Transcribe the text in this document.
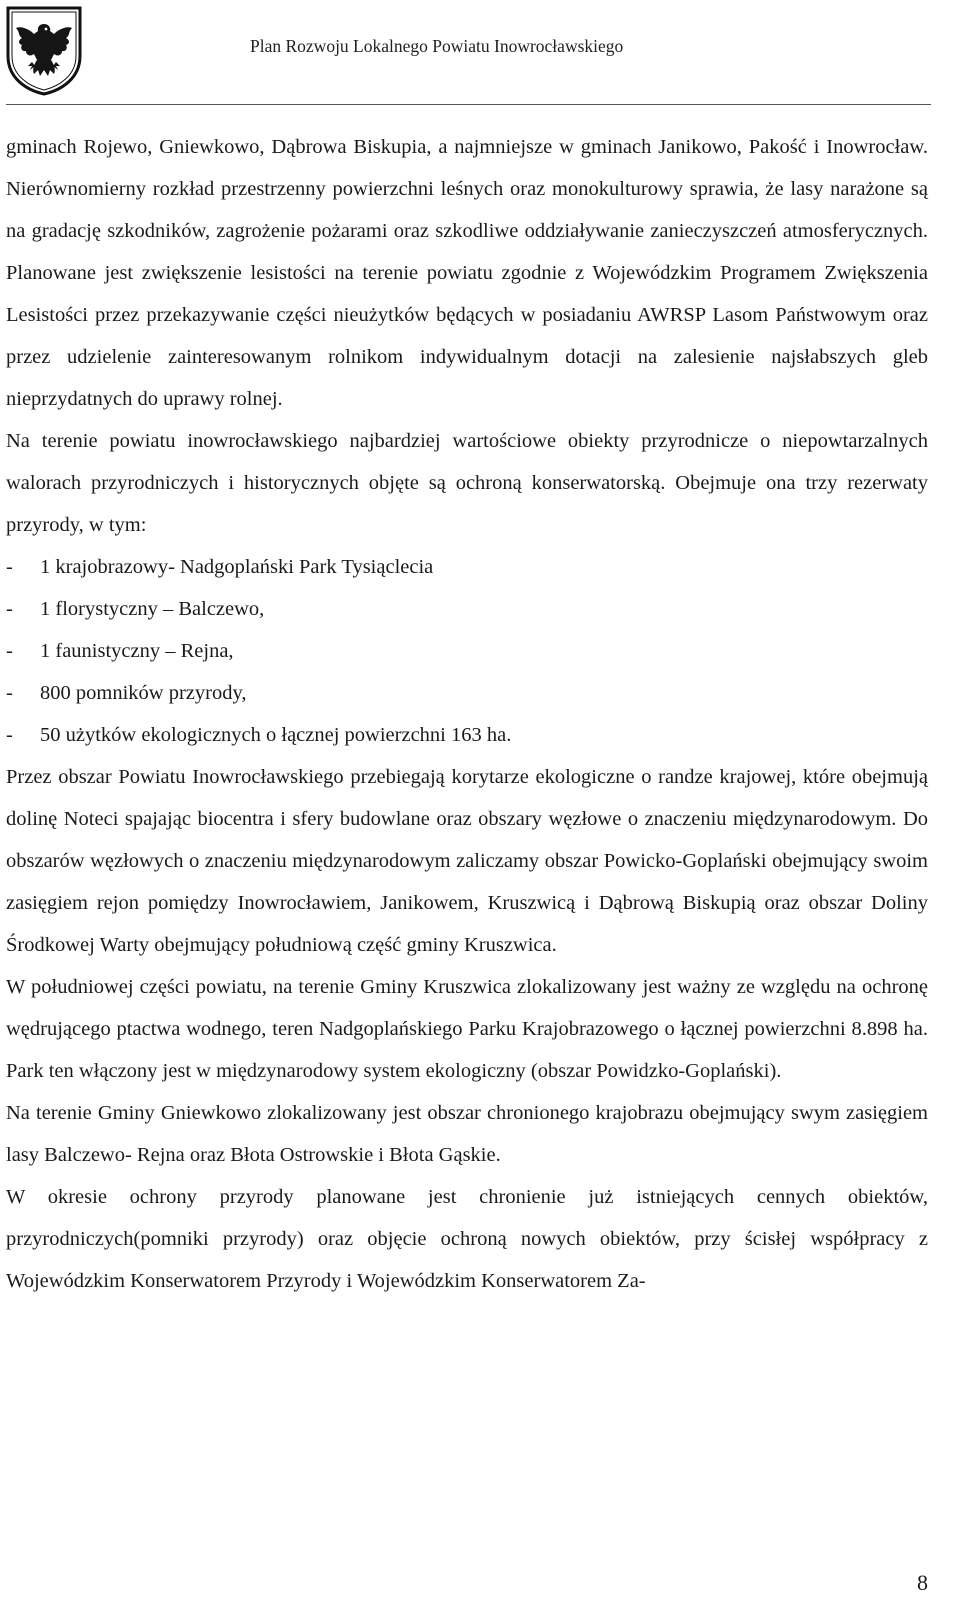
Plan Rozwoju Lokalnego Powiatu Inowrocławskiego

gminach Rojewo, Gniewkowo, Dąbrowa Biskupia, a najmniejsze w gminach Janikowo, Pakość i Inowrocław. Nierównomierny rozkład przestrzenny powierzchni leśnych oraz monokulturowy sprawia, że lasy narażone są na gradację szkodników, zagrożenie pożarami oraz szkodliwe oddziaływanie zanieczyszczeń atmosferycznych. Planowane jest zwiększenie lesistości na terenie powiatu zgodnie z Wojewódzkim Programem Zwiększenia Lesistości przez przekazywanie części nieużytków będących w posiadaniu AWRSP Lasom Państwowym oraz przez udzielenie zainteresowanym rolnikom indywidualnym dotacji na zalesienie najsłabszych gleb nieprzydatnych do uprawy rolnej.

Na terenie powiatu inowrocławskiego najbardziej wartościowe obiekty przyrodnicze o niepowtarzalnych walorach przyrodniczych i historycznych objęte są ochroną konserwatorską. Obejmuje ona trzy rezerwaty przyrody, w tym:

- 1 krajobrazowy- Nadgoplański Park Tysiąclecia
- 1 florystyczny – Balczewo,
- 1 faunistyczny – Rejna,
- 800 pomników przyrody,
- 50 użytków ekologicznych o łącznej powierzchni 163 ha.

Przez obszar Powiatu Inowrocławskiego przebiegają korytarze ekologiczne o randze krajowej, które obejmują dolinę Noteci spajając biocentra i sfery budowlane oraz obszary węzłowe o znaczeniu międzynarodowym. Do obszarów węzłowych o znaczeniu międzynarodowym zaliczamy obszar Powicko-Goplański obejmujący swoim zasięgiem rejon pomiędzy Inowrocławiem, Janikowem, Kruszwicą i Dąbrową Biskupią oraz obszar Doliny Środkowej Warty obejmujący południową część gminy Kruszwica.

W południowej części powiatu, na terenie Gminy Kruszwica zlokalizowany jest ważny ze względu na ochronę wędrującego ptactwa wodnego, teren Nadgoplańskiego Parku Krajobrazowego o łącznej powierzchni 8.898 ha. Park ten włączony jest w międzynarodowy system ekologiczny (obszar Powidzko-Goplański).

Na terenie Gminy Gniewkowo zlokalizowany jest obszar chronionego krajobrazu obejmujący swym zasięgiem lasy Balczewo- Rejna oraz Błota Ostrowskie i Błota Gąskie.

W okresie ochrony przyrody planowane jest chronienie już istniejących cennych obiektów, przyrodniczych(pomniki przyrody) oraz objęcie ochroną nowych obiektów, przy ścisłej współpracy z Wojewódzkim Konserwatorem Przyrody i Wojewódzkim Konserwatorem Za-

8
